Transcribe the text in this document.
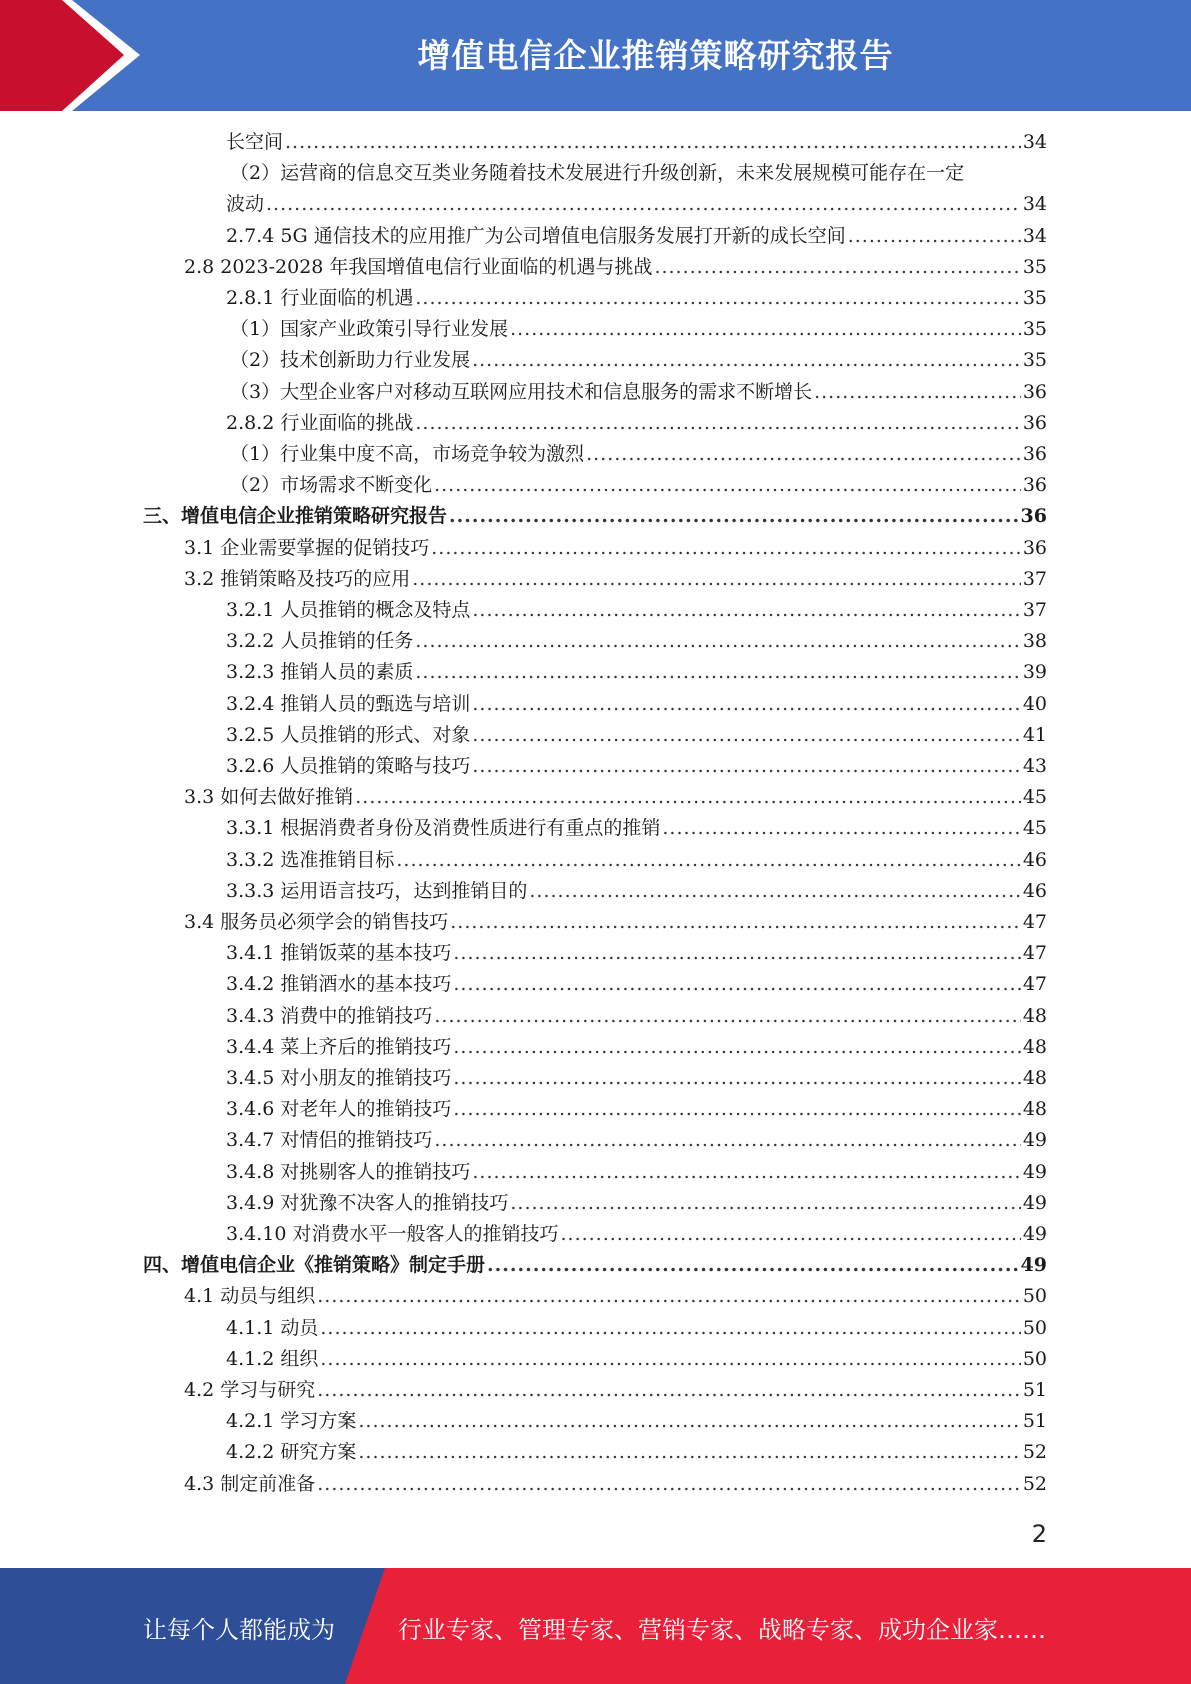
增值电信企业推销策略研究报告
长空间 .....	34
（2）运营商的信息交互类业务随着技术发展进行升级创新，未来发展规模可能存在一定
波动 .....	34
2.7.4 5G 通信技术的应用推广为公司增值电信服务发展打开新的成长空间 .....	34
2.8 2023-2028 年我国增值电信行业面临的机遇与挑战 .....	35
2.8.1 行业面临的机遇 .....	35
（1）国家产业政策引导行业发展 .....	35
（2）技术创新助力行业发展 .....	35
（3）大型企业客户对移动互联网应用技术和信息服务的需求不断增长 .....	36
2.8.2 行业面临的挑战 .....	36
（1）行业集中度不高，市场竞争较为激烈 .....	36
（2）市场需求不断变化 .....	36
三、增值电信企业推销策略研究报告 .....	36
3.1 企业需要掌握的促销技巧 .....	36
3.2 推销策略及技巧的应用 .....	37
3.2.1 人员推销的概念及特点 .....	37
3.2.2 人员推销的任务 .....	38
3.2.3 推销人员的素质 .....	39
3.2.4 推销人员的甄选与培训 .....	40
3.2.5 人员推销的形式、对象 .....	41
3.2.6 人员推销的策略与技巧 .....	43
3.3 如何去做好推销 .....	45
3.3.1 根据消费者身份及消费性质进行有重点的推销 .....	45
3.3.2 选准推销目标 .....	46
3.3.3 运用语言技巧，达到推销目的 .....	46
3.4 服务员必须学会的销售技巧 .....	47
3.4.1 推销饭菜的基本技巧 .....	47
3.4.2 推销酒水的基本技巧 .....	47
3.4.3 消费中的推销技巧 .....	48
3.4.4 菜上齐后的推销技巧 .....	48
3.4.5 对小朋友的推销技巧 .....	48
3.4.6 对老年人的推销技巧 .....	48
3.4.7 对情侣的推销技巧 .....	49
3.4.8 对挑剔客人的推销技巧 .....	49
3.4.9 对犹豫不决客人的推销技巧 .....	49
3.4.10 对消费水平一般客人的推销技巧 .....	49
四、增值电信企业《推销策略》制定手册 .....	49
4.1 动员与组织 .....	50
4.1.1 动员 .....	50
4.1.2 组织 .....	50
4.2 学习与研究 .....	51
4.2.1 学习方案 .....	51
4.2.2 研究方案 .....	52
4.3 制定前准备 .....	52
2
让每个人都能成为	行业专家、管理专家、营销专家、战略专家、成功企业家……
